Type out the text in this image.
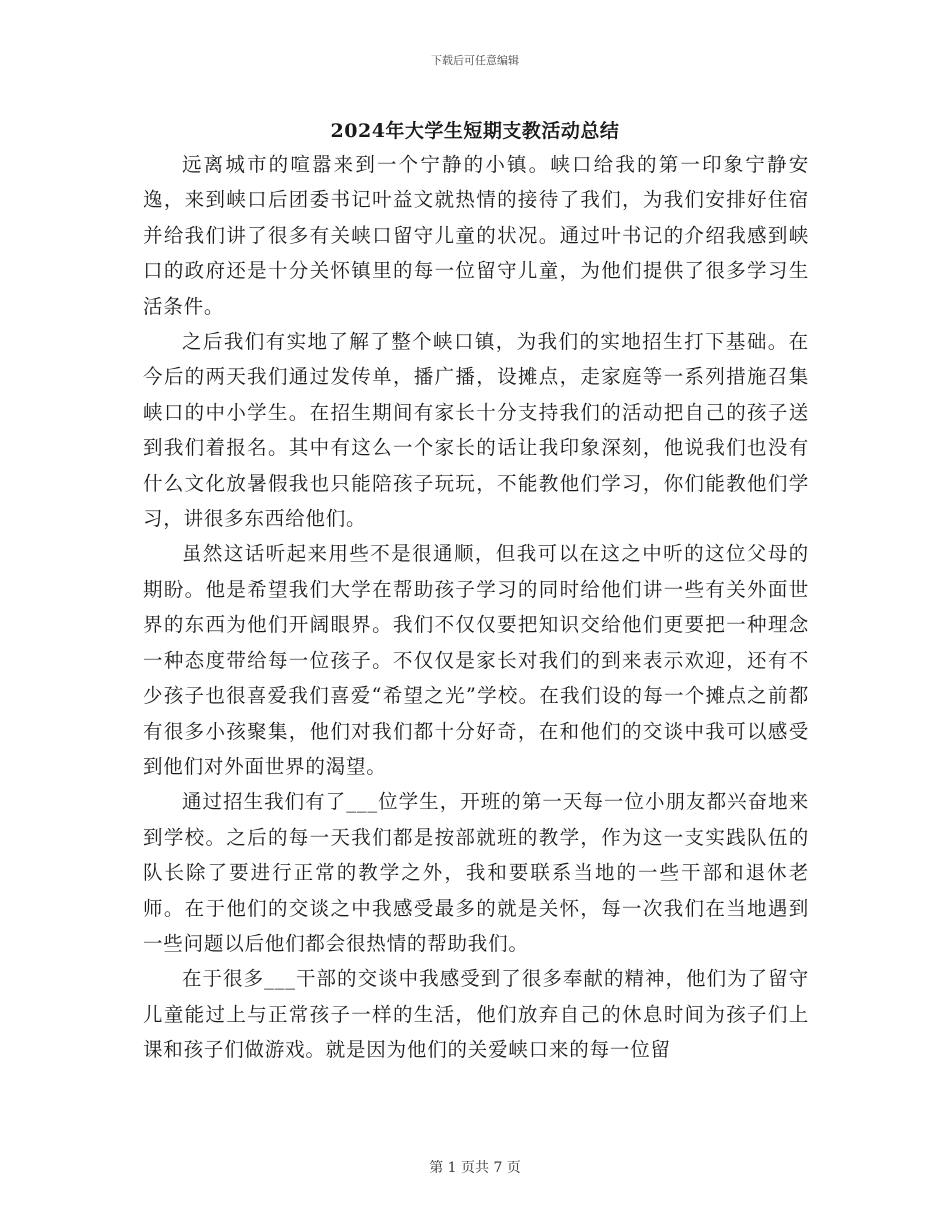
下载后可任意编辑
2024年大学生短期支教活动总结

远离城市的喧嚣来到一个宁静的小镇。峡口给我的第一印象宁静安逸，来到峡口后团委书记叶益文就热情的接待了我们，为我们安排好住宿并给我们讲了很多有关峡口留守儿童的状况。通过叶书记的介绍我感到峡口的政府还是十分关怀镇里的每一位留守儿童，为他们提供了很多学习生活条件。

之后我们有实地了解了整个峡口镇，为我们的实地招生打下基础。在今后的两天我们通过发传单，播广播，设摊点，走家庭等一系列措施召集峡口的中小学生。在招生期间有家长十分支持我们的活动把自己的孩子送到我们着报名。其中有这么一个家长的话让我印象深刻，他说我们也没有什么文化放暑假我也只能陪孩子玩玩，不能教他们学习，你们能教他们学习，讲很多东西给他们。

虽然这话听起来用些不是很通顺，但我可以在这之中听的这位父母的期盼。他是希望我们大学在帮助孩子学习的同时给他们讲一些有关外面世界的东西为他们开阔眼界。我们不仅仅要把知识交给他们更要把一种理念一种态度带给每一位孩子。不仅仅是家长对我们的到来表示欢迎，还有不少孩子也很喜爱我们喜爱“希望之光”学校。在我们设的每一个摊点之前都有很多小孩聚集，他们对我们都十分好奇，在和他们的交谈中我可以感受到他们对外面世界的渴望。

通过招生我们有了___位学生，开班的第一天每一位小朋友都兴奋地来到学校。之后的每一天我们都是按部就班的教学，作为这一支实践队伍的队长除了要进行正常的教学之外，我和要联系当地的一些干部和退休老师。在于他们的交谈之中我感受最多的就是关怀，每一次我们在当地遇到一些问题以后他们都会很热情的帮助我们。

在于很多___干部的交谈中我感受到了很多奉献的精神，他们为了留守儿童能过上与正常孩子一样的生活，他们放弃自己的休息时间为孩子们上课和孩子们做游戏。就是因为他们的关爱峡口来的每一位留

第 1 页共 7 页
